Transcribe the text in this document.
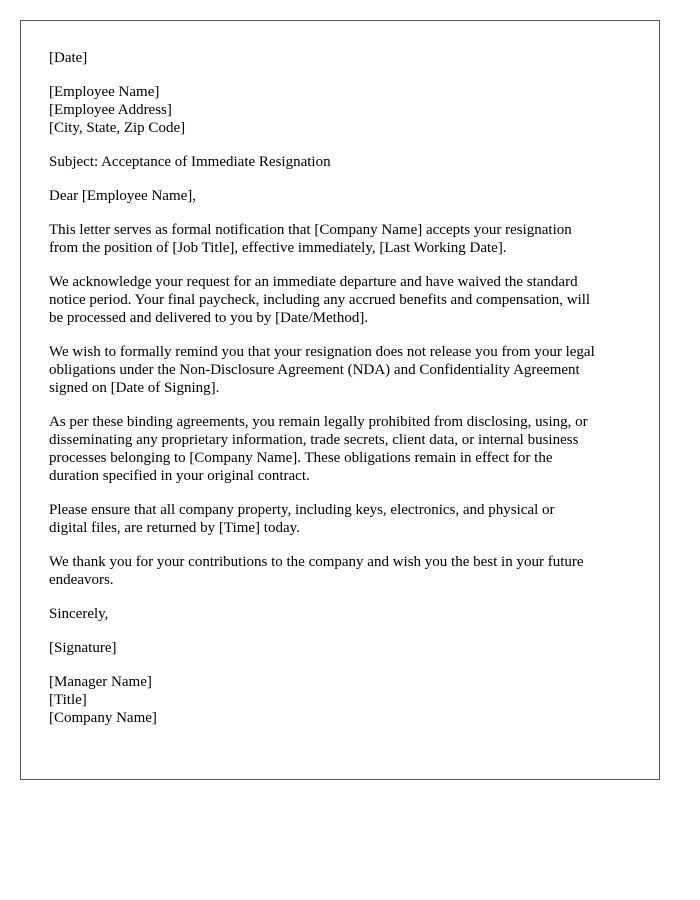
[Date]
[Employee Name]
[Employee Address]
[City, State, Zip Code]
Subject: Acceptance of Immediate Resignation
Dear [Employee Name],
This letter serves as formal notification that [Company Name] accepts your resignation
from the position of [Job Title], effective immediately, [Last Working Date].
We acknowledge your request for an immediate departure and have waived the standard
notice period. Your final paycheck, including any accrued benefits and compensation, will
be processed and delivered to you by [Date/Method].
We wish to formally remind you that your resignation does not release you from your legal
obligations under the Non-Disclosure Agreement (NDA) and Confidentiality Agreement
signed on [Date of Signing].
As per these binding agreements, you remain legally prohibited from disclosing, using, or
disseminating any proprietary information, trade secrets, client data, or internal business
processes belonging to [Company Name]. These obligations remain in effect for the
duration specified in your original contract.
Please ensure that all company property, including keys, electronics, and physical or
digital files, are returned by [Time] today.
We thank you for your contributions to the company and wish you the best in your future
endeavors.
Sincerely,
[Signature]
[Manager Name]
[Title]
[Company Name]
